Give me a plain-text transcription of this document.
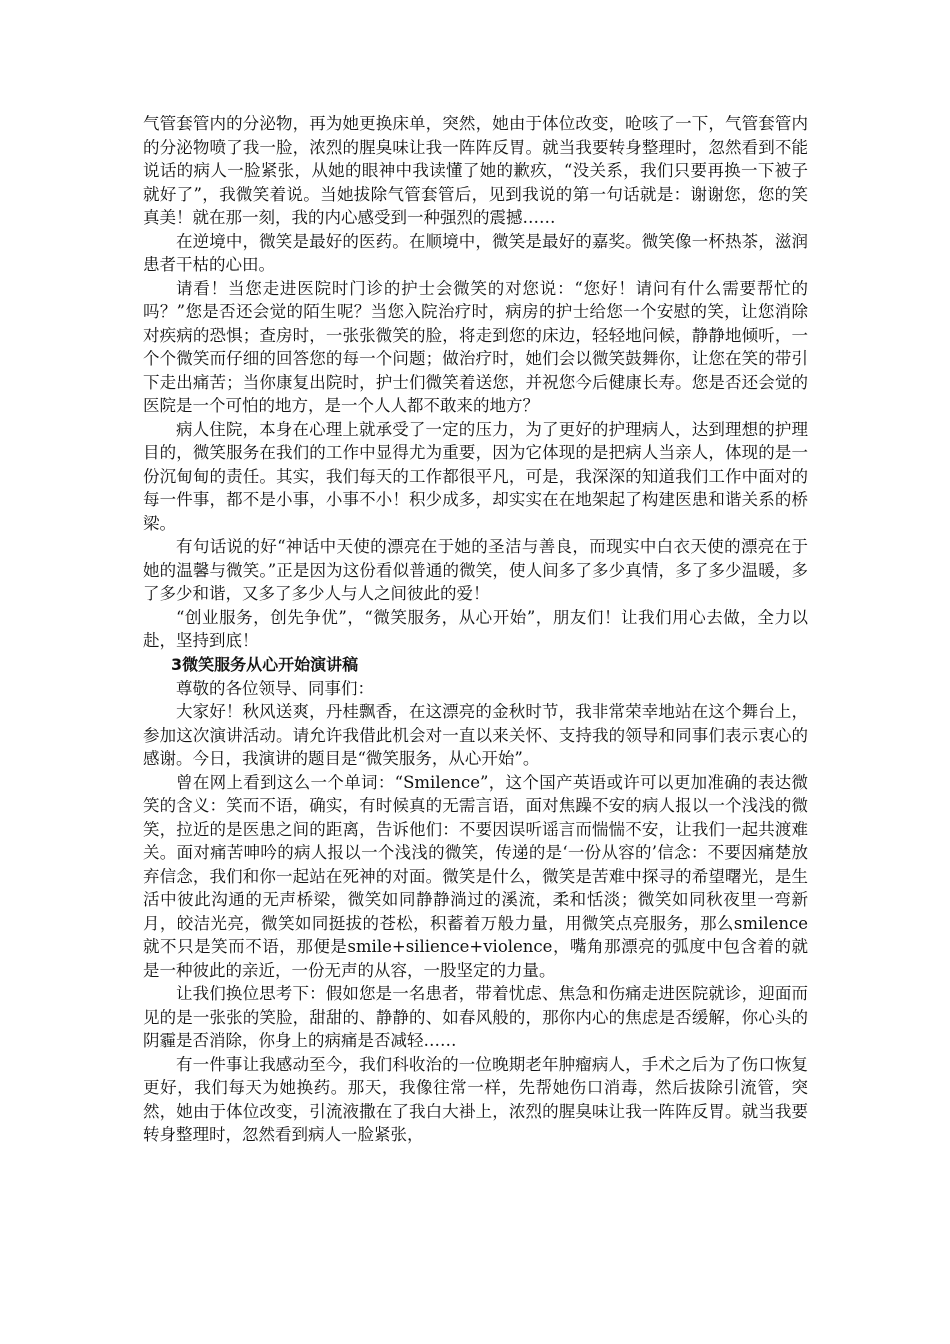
气管套管内的分泌物，再为她更换床单，突然，她由于体位改变，呛咳了一下，气管套管内的分泌物喷了我一脸，浓烈的腥臭味让我一阵阵反胃。就当我要转身整理时，忽然看到不能说话的病人一脸紧张，从她的眼神中我读懂了她的歉疚，“没关系，我们只要再换一下被子就好了”，我微笑着说。当她拔除气管套管后，见到我说的第一句话就是：谢谢您，您的笑真美！就在那一刻，我的内心感受到一种强烈的震撼……

在逆境中，微笑是最好的医药。在顺境中，微笑是最好的嘉奖。微笑像一杯热茶，滋润患者干枯的心田。

请看！当您走进医院时门诊的护士会微笑的对您说：“您好！请问有什么需要帮忙的吗？”您是否还会觉的陌生呢？当您入院治疗时，病房的护士给您一个安慰的笑，让您消除对疾病的恐惧；查房时，一张张微笑的脸，将走到您的床边，轻轻地问候，静静地倾听，一个个微笑而仔细的回答您的每一个问题；做治疗时，她们会以微笑鼓舞你，让您在笑的带引下走出痛苦；当你康复出院时，护士们微笑着送您，并祝您今后健康长寿。您是否还会觉的医院是一个可怕的地方，是一个人人都不敢来的地方？

病人住院，本身在心理上就承受了一定的压力，为了更好的护理病人，达到理想的护理目的，微笑服务在我们的工作中显得尤为重要，因为它体现的是把病人当亲人，体现的是一份沉甸甸的责任。其实，我们每天的工作都很平凡，可是，我深深的知道我们工作中面对的每一件事，都不是小事，小事不小！积少成多，却实实在在地架起了构建医患和谐关系的桥梁。

有句话说的好“神话中天使的漂亮在于她的圣洁与善良，而现实中白衣天使的漂亮在于她的温馨与微笑。”正是因为这份看似普通的微笑，使人间多了多少真情，多了多少温暖，多了多少和谐，又多了多少人与人之间彼此的爱！

“创业服务，创先争优”，“微笑服务，从心开始”，朋友们！让我们用心去做，全力以赴，坚持到底！

3微笑服务从心开始演讲稿

尊敬的各位领导、同事们：

大家好！秋风送爽，丹桂飘香，在这漂亮的金秋时节，我非常荣幸地站在这个舞台上，参加这次演讲活动。请允许我借此机会对一直以来关怀、支持我的领导和同事们表示衷心的感谢。今日，我演讲的题目是“微笑服务，从心开始”。

曾在网上看到这么一个单词：“Smilence”，这个国产英语或许可以更加准确的表达微笑的含义：笑而不语，确实，有时候真的无需言语，面对焦躁不安的病人报以一个浅浅的微笑，拉近的是医患之间的距离，告诉他们：不要因误听谣言而惴惴不安，让我们一起共渡难关。面对痛苦呻吟的病人报以一个浅浅的微笑，传递的是‘一份从容的’信念：不要因痛楚放弃信念，我们和你一起站在死神的对面。微笑是什么，微笑是苦难中探寻的希望曙光，是生活中彼此沟通的无声桥梁，微笑如同静静淌过的溪流，柔和恬淡；微笑如同秋夜里一弯新月，皎洁光亮，微笑如同挺拔的苍松，积蓄着万般力量，用微笑点亮服务，那么smilence就不只是笑而不语，那便是smile+silience+violence，嘴角那漂亮的弧度中包含着的就是一种彼此的亲近，一份无声的从容，一股坚定的力量。

让我们换位思考下：假如您是一名患者，带着忧虑、焦急和伤痛走进医院就诊，迎面而见的是一张张的笑脸，甜甜的、静静的、如春风般的，那你内心的焦虑是否缓解，你心头的阴霾是否消除，你身上的病痛是否减轻……

有一件事让我感动至今，我们科收治的一位晚期老年肿瘤病人，手术之后为了伤口恢复更好，我们每天为她换药。那天，我像往常一样，先帮她伤口消毒，然后拔除引流管，突然，她由于体位改变，引流液撒在了我白大褂上，浓烈的腥臭味让我一阵阵反胃。就当我要转身整理时，忽然看到病人一脸紧张，
